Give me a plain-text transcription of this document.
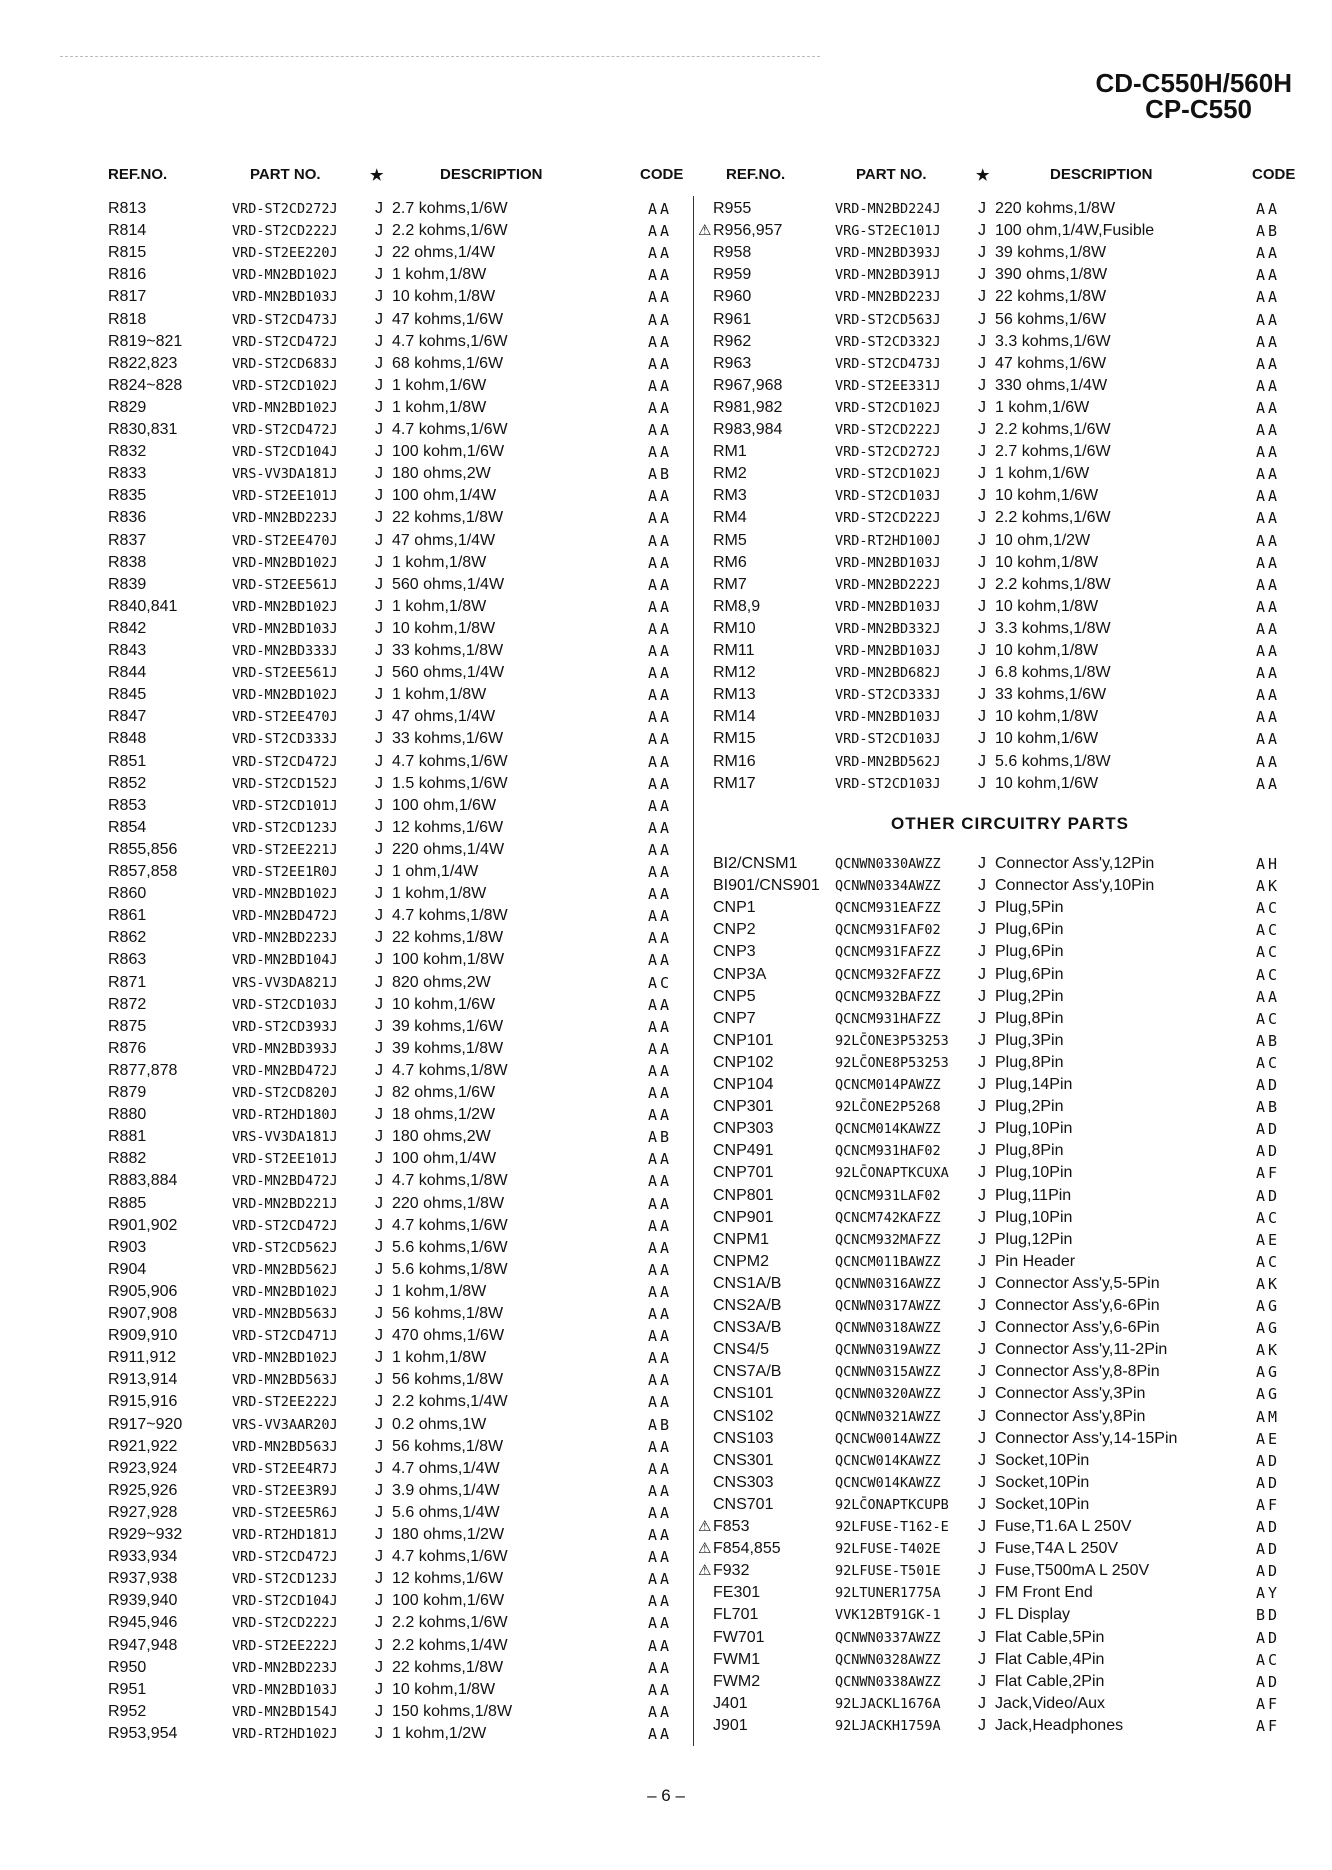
CD-C550H/560H
CP-C550
REF.NO.	PART NO.	★	DESCRIPTION	CODE	REF.NO.	PART NO.	★	DESCRIPTION	CODE
R813	VRD-ST2CD272J J 2.7 kohms,1/6W	AA
R814	VRD-ST2CD222J J 2.2 kohms,1/6W	AA
R815	VRD-ST2EE220J J 22 ohms,1/4W	AA
R816	VRD-MN2BD102J J 1 kohm,1/8W	AA
R817	VRD-MN2BD103J J 10 kohm,1/8W	AA
R818	VRD-ST2CD473J J 47 kohms,1/6W	AA
R819~821	VRD-ST2CD472J J 4.7 kohms,1/6W	AA
R822,823	VRD-ST2CD683J J 68 kohms,1/6W	AA
R824~828	VRD-ST2CD102J J 1 kohm,1/6W	AA
R829	VRD-MN2BD102J J 1 kohm,1/8W	AA
R830,831	VRD-ST2CD472J J 4.7 kohms,1/6W	AA
R832	VRD-ST2CD104J J 100 kohm,1/6W	AA
R833	VRS-VV3DA181J J 180 ohms,2W	AB
R835	VRD-ST2EE101J J 100 ohm,1/4W	AA
R836	VRD-MN2BD223J J 22 kohms,1/8W	AA
R837	VRD-ST2EE470J J 47 ohms,1/4W	AA
R838	VRD-MN2BD102J J 1 kohm,1/8W	AA
R839	VRD-ST2EE561J J 560 ohms,1/4W	AA
R840,841	VRD-MN2BD102J J 1 kohm,1/8W	AA
R842	VRD-MN2BD103J J 10 kohm,1/8W	AA
R843	VRD-MN2BD333J J 33 kohms,1/8W	AA
R844	VRD-ST2EE561J J 560 ohms,1/4W	AA
R845	VRD-MN2BD102J J 1 kohm,1/8W	AA
R847	VRD-ST2EE470J J 47 ohms,1/4W	AA
R848	VRD-ST2CD333J J 33 kohms,1/6W	AA
R851	VRD-ST2CD472J J 4.7 kohms,1/6W	AA
R852	VRD-ST2CD152J J 1.5 kohms,1/6W	AA
R853	VRD-ST2CD101J J 100 ohm,1/6W	AA
R854	VRD-ST2CD123J J 12 kohms,1/6W	AA
R855,856	VRD-ST2EE221J J 220 ohms,1/4W	AA
R857,858	VRD-ST2EE1R0J J 1 ohm,1/4W	AA
R860	VRD-MN2BD102J J 1 kohm,1/8W	AA
R861	VRD-MN2BD472J J 4.7 kohms,1/8W	AA
R862	VRD-MN2BD223J J 22 kohms,1/8W	AA
R863	VRD-MN2BD104J J 100 kohm,1/8W	AA
R871	VRS-VV3DA821J J 820 ohms,2W	AC
R872	VRD-ST2CD103J J 10 kohm,1/6W	AA
R875	VRD-ST2CD393J J 39 kohms,1/6W	AA
R876	VRD-MN2BD393J J 39 kohms,1/8W	AA
R877,878	VRD-MN2BD472J J 4.7 kohms,1/8W	AA
R879	VRD-ST2CD820J J 82 ohms,1/6W	AA
R880	VRD-RT2HD180J J 18 ohms,1/2W	AA
R881	VRS-VV3DA181J J 180 ohms,2W	AB
R882	VRD-ST2EE101J J 100 ohm,1/4W	AA
R883,884	VRD-MN2BD472J J 4.7 kohms,1/8W	AA
R885	VRD-MN2BD221J J 220 ohms,1/8W	AA
R901,902	VRD-ST2CD472J J 4.7 kohms,1/6W	AA
R903	VRD-ST2CD562J J 5.6 kohms,1/6W	AA
R904	VRD-MN2BD562J J 5.6 kohms,1/8W	AA
R905,906	VRD-MN2BD102J J 1 kohm,1/8W	AA
R907,908	VRD-MN2BD563J J 56 kohms,1/8W	AA
R909,910	VRD-ST2CD471J J 470 ohms,1/6W	AA
R911,912	VRD-MN2BD102J J 1 kohm,1/8W	AA
R913,914	VRD-MN2BD563J J 56 kohms,1/8W	AA
R915,916	VRD-ST2EE222J J 2.2 kohms,1/4W	AA
R917~920	VRS-VV3AAR20J J 0.2 ohms,1W	AB
R921,922	VRD-MN2BD563J J 56 kohms,1/8W	AA
R923,924	VRD-ST2EE4R7J J 4.7 ohms,1/4W	AA
R925,926	VRD-ST2EE3R9J J 3.9 ohms,1/4W	AA
R927,928	VRD-ST2EE5R6J J 5.6 ohms,1/4W	AA
R929~932	VRD-RT2HD181J J 180 ohms,1/2W	AA
R933,934	VRD-ST2CD472J J 4.7 kohms,1/6W	AA
R937,938	VRD-ST2CD123J J 12 kohms,1/6W	AA
R939,940	VRD-ST2CD104J J 100 kohm,1/6W	AA
R945,946	VRD-ST2CD222J J 2.2 kohms,1/6W	AA
R947,948	VRD-ST2EE222J J 2.2 kohms,1/4W	AA
R950	VRD-MN2BD223J J 22 kohms,1/8W	AA
R951	VRD-MN2BD103J J 10 kohm,1/8W	AA
R952	VRD-MN2BD154J J 150 kohms,1/8W	AA
R953,954	VRD-RT2HD102J J 1 kohm,1/2W	AA
R955	VRD-MN2BD224J J 220 kohms,1/8W	AA
⚠ R956,957	VRG-ST2EC101J J 100 ohm,1/4W,Fusible	AB
R958	VRD-MN2BD393J J 39 kohms,1/8W	AA
R959	VRD-MN2BD391J J 390 ohms,1/8W	AA
R960	VRD-MN2BD223J J 22 kohms,1/8W	AA
R961	VRD-ST2CD563J J 56 kohms,1/6W	AA
R962	VRD-ST2CD332J J 3.3 kohms,1/6W	AA
R963	VRD-ST2CD473J J 47 kohms,1/6W	AA
R967,968	VRD-ST2EE331J J 330 ohms,1/4W	AA
R981,982	VRD-ST2CD102J J 1 kohm,1/6W	AA
R983,984	VRD-ST2CD222J J 2.2 kohms,1/6W	AA
RM1	VRD-ST2CD272J J 2.7 kohms,1/6W	AA
RM2	VRD-ST2CD102J J 1 kohm,1/6W	AA
RM3	VRD-ST2CD103J J 10 kohm,1/6W	AA
RM4	VRD-ST2CD222J J 2.2 kohms,1/6W	AA
RM5	VRD-RT2HD100J J 10 ohm,1/2W	AA
RM6	VRD-MN2BD103J J 10 kohm,1/8W	AA
RM7	VRD-MN2BD222J J 2.2 kohms,1/8W	AA
RM8,9	VRD-MN2BD103J J 10 kohm,1/8W	AA
RM10	VRD-MN2BD332J J 3.3 kohms,1/8W	AA
RM11	VRD-MN2BD103J J 10 kohm,1/8W	AA
RM12	VRD-MN2BD682J J 6.8 kohms,1/8W	AA
RM13	VRD-ST2CD333J J 33 kohms,1/6W	AA
RM14	VRD-MN2BD103J J 10 kohm,1/8W	AA
RM15	VRD-ST2CD103J J 10 kohm,1/6W	AA
RM16	VRD-MN2BD562J J 5.6 kohms,1/8W	AA
RM17	VRD-ST2CD103J J 10 kohm,1/6W	AA
OTHER CIRCUITRY PARTS
BI2/CNSM1	QCNWN0330AWZZ J Connector Ass'y,12Pin	AH
BI901/CNS901 QCNWN0334AWZZ J Connector Ass'y,10Pin	AK
CNP1	QCNCM931EAFZZ J Plug,5Pin	AC
CNP2	QCNCM931FAF02 J Plug,6Pin	AC
CNP3	QCNCM931FAFZZ J Plug,6Pin	AC
CNP3A	QCNCM932FAFZZ J Plug,6Pin	AC
CNP5	QCNCM932BAFZZ J Plug,2Pin	AA
CNP7	QCNCM931HAFZZ J Plug,8Pin	AC
CNP101	92LC̄ONE3P53253 J Plug,3Pin	AB
CNP102	92LC̄ONE8P53253 J Plug,8Pin	AC
CNP104	QCNCM014PAWZZ J Plug,14Pin	AD
CNP301	92LC̄ONE2P5268 J Plug,2Pin	AB
CNP303	QCNCM014KAWZZ J Plug,10Pin	AD
CNP491	QCNCM931HAF02 J Plug,8Pin	AD
CNP701	92LC̄ONAPTKCUXA J Plug,10Pin	AF
CNP801	QCNCM931LAF02 J Plug,11Pin	AD
CNP901	QCNCM742KAFZZ J Plug,10Pin	AC
CNPM1	QCNCM932MAFZZ J Plug,12Pin	AE
CNPM2	QCNCM011BAWZZ J Pin Header	AC
CNS1A/B	QCNWN0316AWZZ J Connector Ass'y,5-5Pin	AK
CNS2A/B	QCNWN0317AWZZ J Connector Ass'y,6-6Pin	AG
CNS3A/B	QCNWN0318AWZZ J Connector Ass'y,6-6Pin	AG
CNS4/5	QCNWN0319AWZZ J Connector Ass'y,11-2Pin	AK
CNS7A/B	QCNWN0315AWZZ J Connector Ass'y,8-8Pin	AG
CNS101	QCNWN0320AWZZ J Connector Ass'y,3Pin	AG
CNS102	QCNWN0321AWZZ J Connector Ass'y,8Pin	AM
CNS103	QCNCW0014AWZZ J Connector Ass'y,14-15Pin	AE
CNS301	QCNCW014KAWZZ J Socket,10Pin	AD
CNS303	QCNCW014KAWZZ J Socket,10Pin	AD
CNS701	92LC̄ONAPTKCUPB J Socket,10Pin	AF
⚠ F853	92LFUSE-T162-E J Fuse,T1.6A L 250V	AD
⚠ F854,855	92LFUSE-T402E J Fuse,T4A L 250V	AD
⚠ F932	92LFUSE-T501E J Fuse,T500mA L 250V	AD
FE301	92LTUNER1775A J FM Front End	AY
FL701	VVK12BT91GK-1 J FL Display	BD
FW701	QCNWN0337AWZZ J Flat Cable,5Pin	AD
FWM1	QCNWN0328AWZZ J Flat Cable,4Pin	AC
FWM2	QCNWN0338AWZZ J Flat Cable,2Pin	AD
J401	92LJACKL1676A J Jack,Video/Aux	AF
J901	92LJACKH1759A J Jack,Headphones	AF
– 6 –
